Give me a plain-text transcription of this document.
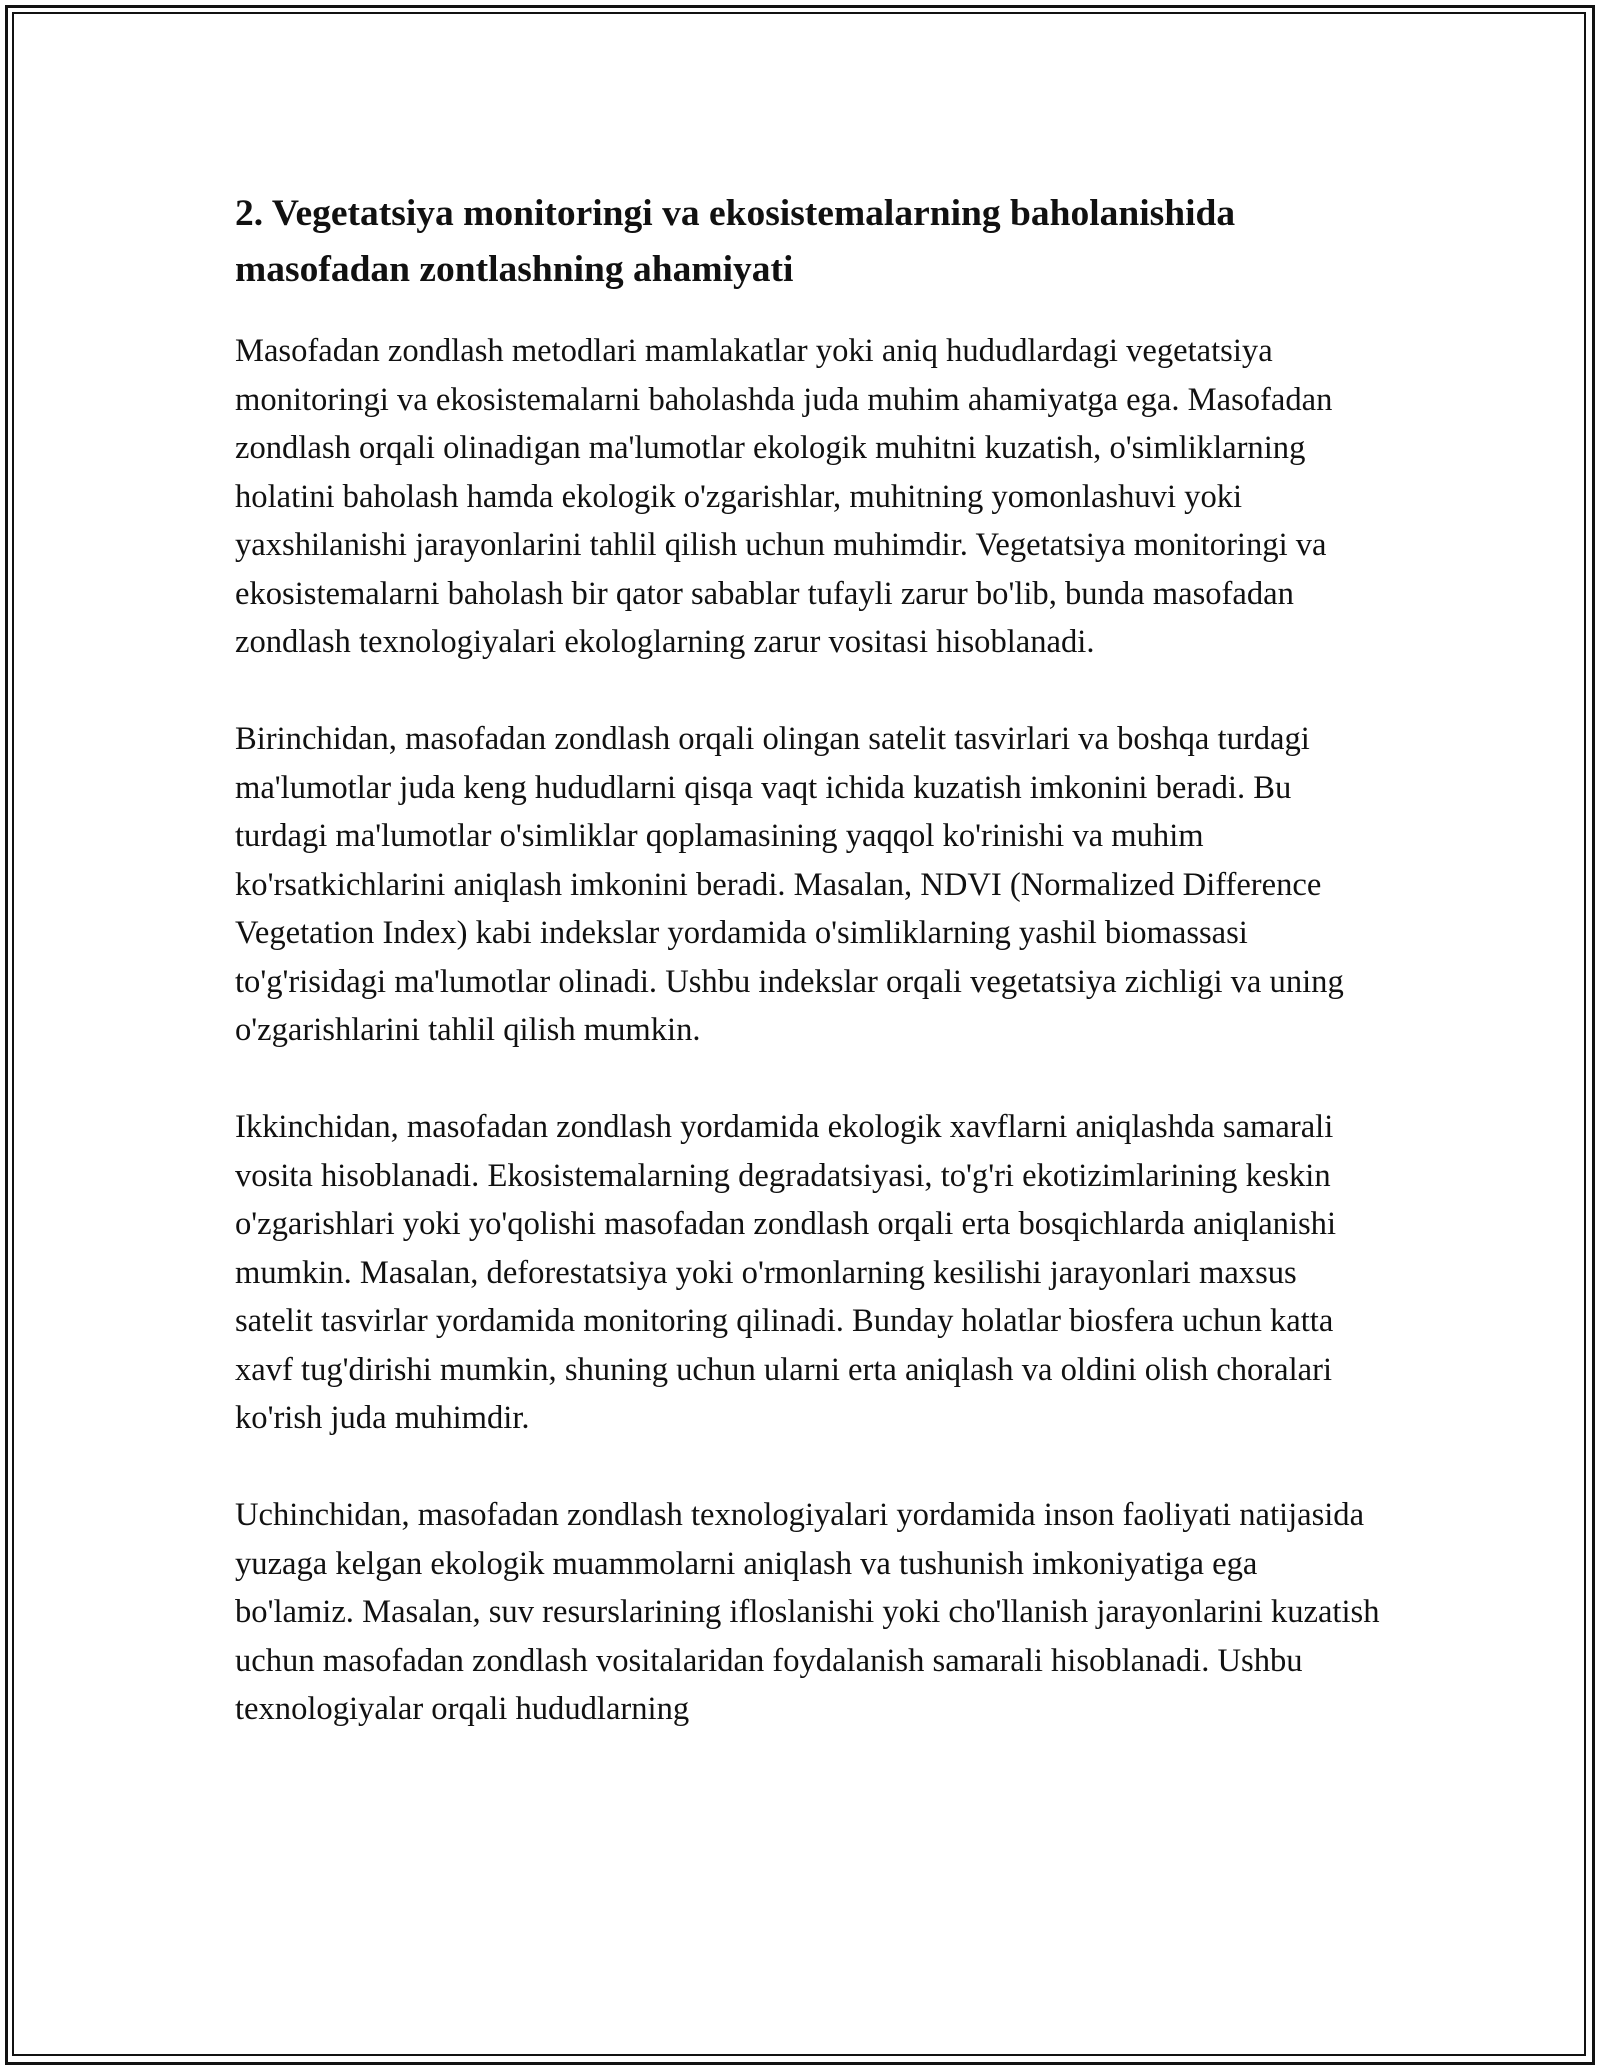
2. Vegetatsiya monitoringi va ekosistemalarning baholanishida masofadan zontlashning ahamiyati

Masofadan zondlash metodlari mamlakatlar yoki aniq hududlardagi vegetatsiya monitoringi va ekosistemalarni baholashda juda muhim ahamiyatga ega. Masofadan zondlash orqali olinadigan ma'lumotlar ekologik muhitni kuzatish, o'simliklarning holatini baholash hamda ekologik o'zgarishlar, muhitning yomonlashuvi yoki yaxshilanishi jarayonlarini tahlil qilish uchun muhimdir. Vegetatsiya monitoringi va ekosistemalarni baholash bir qator sabablar tufayli zarur bo'lib, bunda masofadan zondlash texnologiyalari ekologlarning zarur vositasi hisoblanadi.

Birinchidan, masofadan zondlash orqali olingan satelit tasvirlari va boshqa turdagi ma'lumotlar juda keng hududlarni qisqa vaqt ichida kuzatish imkonini beradi. Bu turdagi ma'lumotlar o'simliklar qoplamasining yaqqol ko'rinishi va muhim ko'rsatkichlarini aniqlash imkonini beradi. Masalan, NDVI (Normalized Difference Vegetation Index) kabi indekslar yordamida o'simliklarning yashil biomassasi to'g'risidagi ma'lumotlar olinadi. Ushbu indekslar orqali vegetatsiya zichligi va uning o'zgarishlarini tahlil qilish mumkin.

Ikkinchidan, masofadan zondlash yordamida ekologik xavflarni aniqlashda samarali vosita hisoblanadi. Ekosistemalarning degradatsiyasi, to'g'ri ekotizimlarining keskin o'zgarishlari yoki yo'qolishi masofadan zondlash orqali erta bosqichlarda aniqlanishi mumkin. Masalan, deforestatsiya yoki o'rmonlarning kesilishi jarayonlari maxsus satelit tasvirlar yordamida monitoring qilinadi. Bunday holatlar biosfera uchun katta xavf tug'dirishi mumkin, shuning uchun ularni erta aniqlash va oldini olish choralari ko'rish juda muhimdir.

Uchinchidan, masofadan zondlash texnologiyalari yordamida inson faoliyati natijasida yuzaga kelgan ekologik muammolarni aniqlash va tushunish imkoniyatiga ega bo'lamiz. Masalan, suv resurslarining ifloslanishi yoki cho'llanish jarayonlarini kuzatish uchun masofadan zondlash vositalaridan foydalanish samarali hisoblanadi. Ushbu texnologiyalar orqali hududlarning
